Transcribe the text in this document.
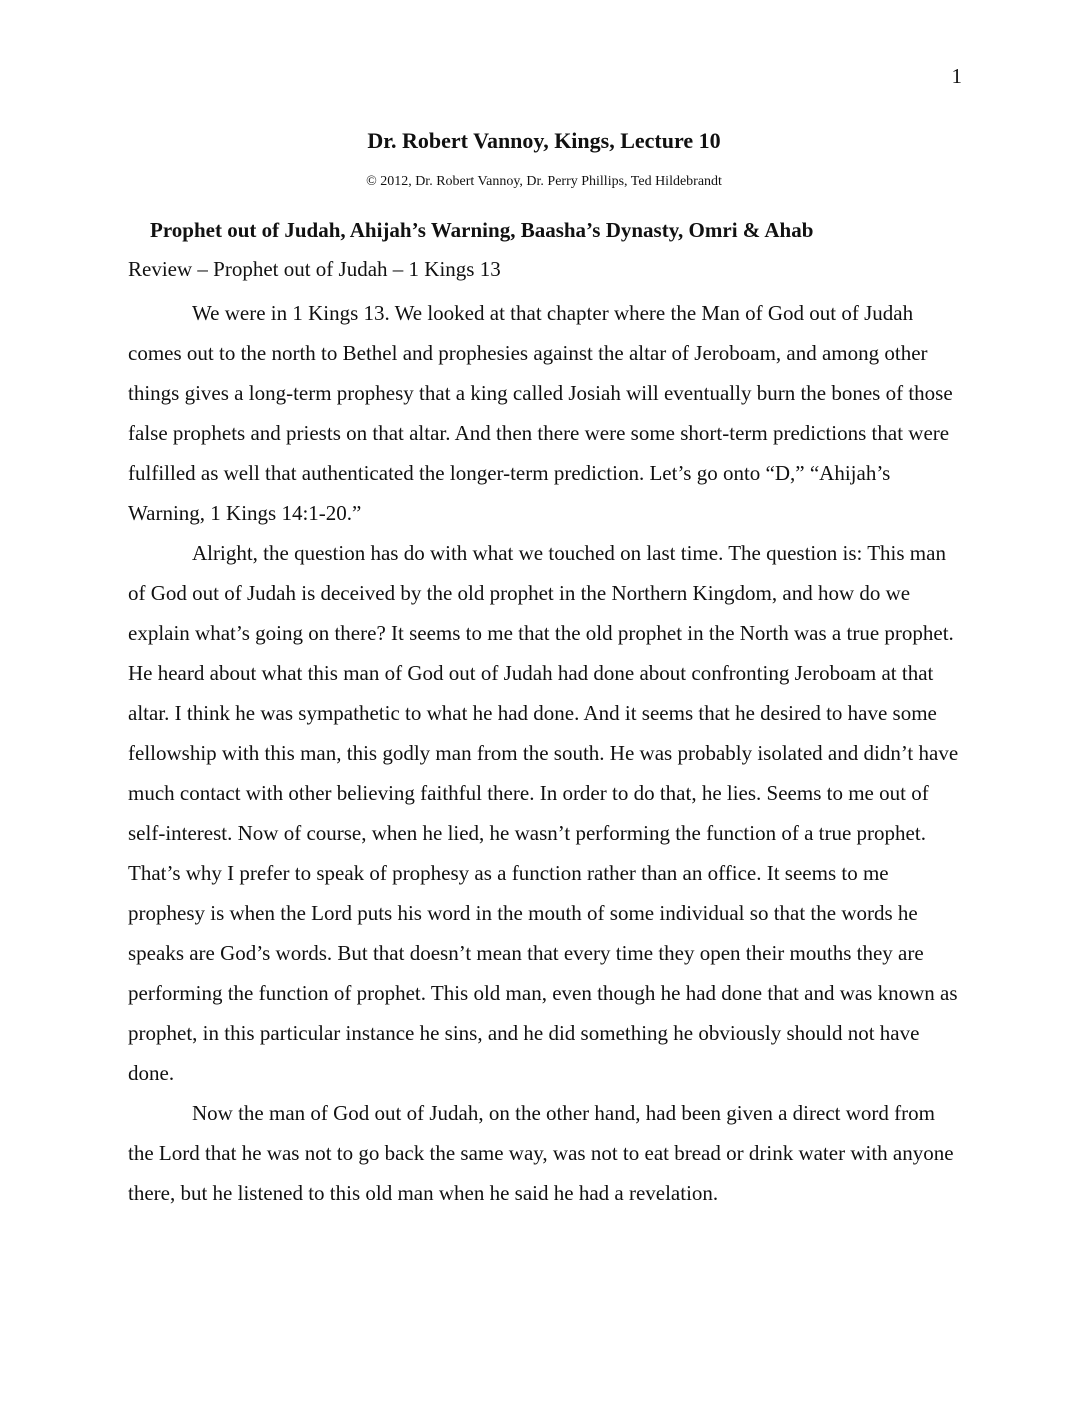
1
Dr. Robert Vannoy, Kings, Lecture 10
© 2012, Dr. Robert Vannoy, Dr. Perry Phillips, Ted Hildebrandt
Prophet out of Judah, Ahijah’s Warning, Baasha’s Dynasty, Omri & Ahab
Review – Prophet out of Judah – 1 Kings 13

We were in 1 Kings 13. We looked at that chapter where the Man of God out of Judah comes out to the north to Bethel and prophesies against the altar of Jeroboam, and among other things gives a long-term prophesy that a king called Josiah will eventually burn the bones of those false prophets and priests on that altar. And then there were some short-term predictions that were fulfilled as well that authenticated the longer-term prediction. Let’s go onto “D,” “Ahijah’s Warning, 1 Kings 14:1-20.”

Alright, the question has do with what we touched on last time. The question is: This man of God out of Judah is deceived by the old prophet in the Northern Kingdom, and how do we explain what’s going on there? It seems to me that the old prophet in the North was a true prophet. He heard about what this man of God out of Judah had done about confronting Jeroboam at that altar. I think he was sympathetic to what he had done. And it seems that he desired to have some fellowship with this man, this godly man from the south. He was probably isolated and didn’t have much contact with other believing faithful there. In order to do that, he lies. Seems to me out of self-interest. Now of course, when he lied, he wasn’t performing the function of a true prophet. That’s why I prefer to speak of prophesy as a function rather than an office. It seems to me prophesy is when the Lord puts his word in the mouth of some individual so that the words he speaks are God’s words. But that doesn’t mean that every time they open their mouths they are performing the function of prophet. This old man, even though he had done that and was known as prophet, in this particular instance he sins, and he did something he obviously should not have done.

Now the man of God out of Judah, on the other hand, had been given a direct word from the Lord that he was not to go back the same way, was not to eat bread or drink water with anyone there, but he listened to this old man when he said he had a revelation.
